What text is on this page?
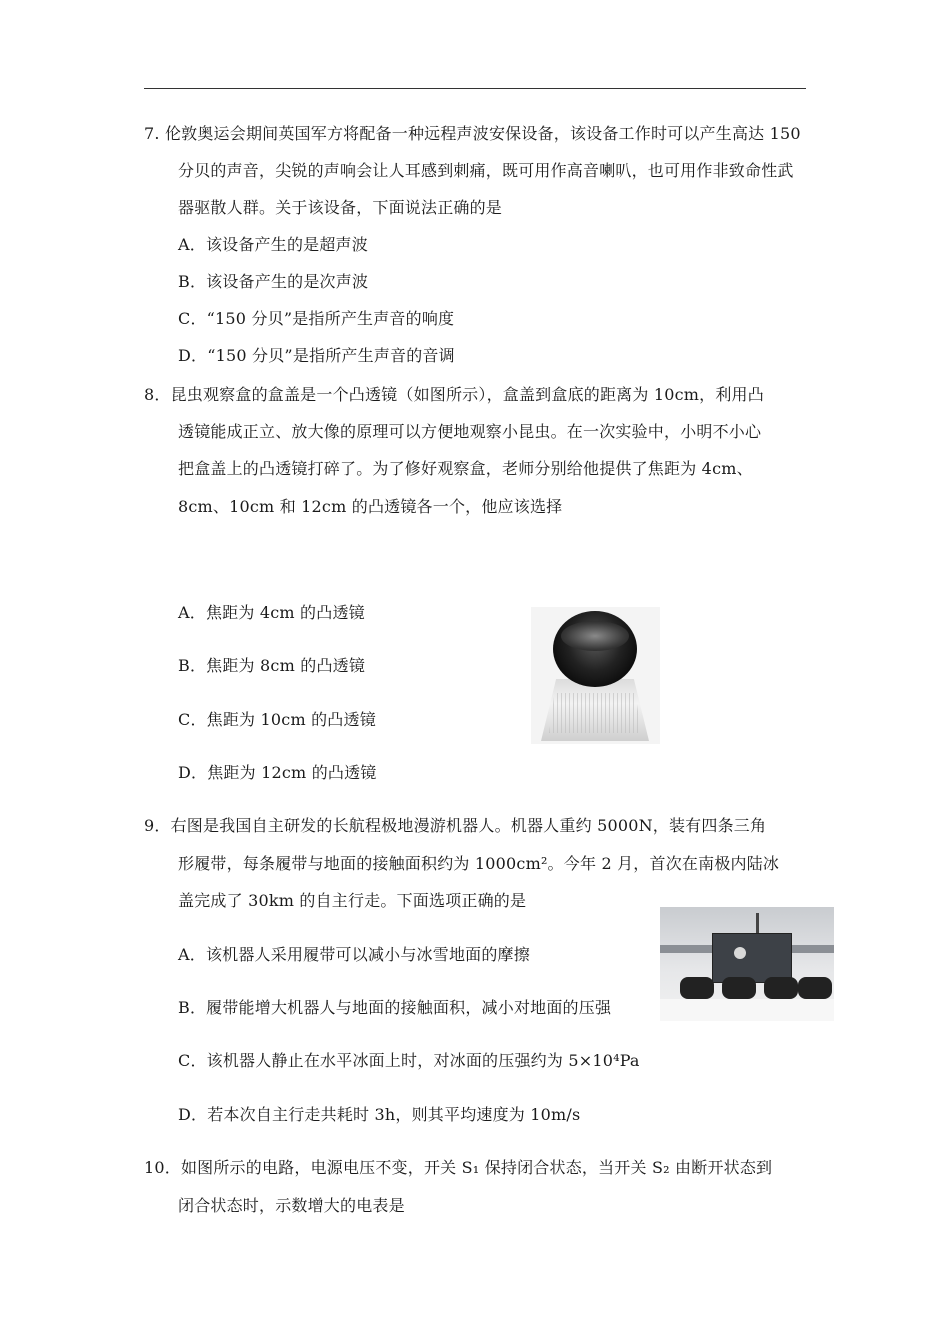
7. 伦敦奥运会期间英国军方将配备一种远程声波安保设备，该设备工作时可以产生高达 150
分贝的声音，尖锐的声响会让人耳感到刺痛，既可用作高音喇叭，也可用作非致命性武
器驱散人群。关于该设备，下面说法正确的是
A．该设备产生的是超声波
B．该设备产生的是次声波
C．“150 分贝”是指所产生声音的响度
D．“150 分贝”是指所产生声音的音调
8．昆虫观察盒的盒盖是一个凸透镜（如图所示），盒盖到盒底的距离为 10cm，利用凸
透镜能成正立、放大像的原理可以方便地观察小昆虫。在一次实验中，小明不小心
把盒盖上的凸透镜打碎了。为了修好观察盒，老师分别给他提供了焦距为 4cm、
8cm、10cm 和 12cm 的凸透镜各一个，他应该选择
A．焦距为 4cm 的凸透镜
B．焦距为 8cm 的凸透镜
C．焦距为 10cm 的凸透镜
D．焦距为 12cm 的凸透镜
9．右图是我国自主研发的长航程极地漫游机器人。机器人重约 5000N，装有四条三角
形履带，每条履带与地面的接触面积约为 1000cm²。今年 2 月，首次在南极内陆冰
盖完成了 30km 的自主行走。下面选项正确的是
A．该机器人采用履带可以减小与冰雪地面的摩擦
B．履带能增大机器人与地面的接触面积，减小对地面的压强
C．该机器人静止在水平冰面上时，对冰面的压强约为 5×10⁴Pa
D．若本次自主行走共耗时 3h，则其平均速度为 10m/s
10．如图所示的电路，电源电压不变，开关 S₁ 保持闭合状态，当开关 S₂ 由断开状态到
闭合状态时，示数增大的电表是
